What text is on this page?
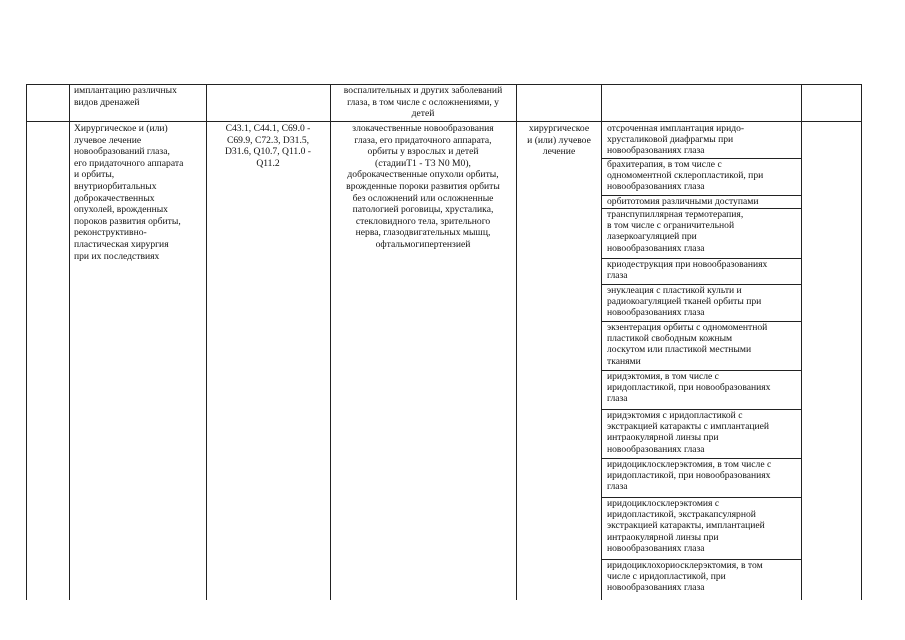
имплантацию различных
видов дренажей
воспалительных и других заболеваний
глаза, в том числе с осложнениями, у
детей
Хирургическое и (или)
лучевое лечение
новообразований глаза,
его придаточного аппарата
и орбиты,
внутриорбитальных
доброкачественных
опухолей, врожденных
пороков развития орбиты,
реконструктивно-
пластическая хирургия
при их последствиях
C43.1, C44.1, C69.0 -
C69.9, C72.3, D31.5,
D31.6, Q10.7, Q11.0 -
Q11.2
злокачественные новообразования
глаза, его придаточного аппарата,
орбиты у взрослых и детей
(стадииТ1 - Т3 N0 M0),
доброкачественные опухоли орбиты,
врожденные пороки развития орбиты
без осложнений или осложненные
патологией роговицы, хрусталика,
стекловидного тела, зрительного
нерва, глазодвигательных мышц,
офтальмогипертензией
хирургическое
и (или) лучевое
лечение
отсроченная имплантация иридо-
хрусталиковой диафрагмы при
новообразованиях глаза
брахитерапия, в том числе с
одномоментной склеропластикой, при
новообразованиях глаза
орбитотомия различными доступами
транспупиллярная термотерапия,
в том числе с ограничительной
лазеркоагуляцией при
новообразованиях глаза
криодеструкция при новообразованиях
глаза
энуклеация с пластикой культи и
радиокоагуляцией тканей орбиты при
новообразованиях глаза
экзентерация орбиты с одномоментной
пластикой свободным кожным
лоскутом или пластикой местными
тканями
иридэктомия, в том числе с
иридопластикой, при новообразованиях
глаза
иридэктомия с иридопластикой с
экстракцией катаракты с имплантацией
интраокулярной линзы при
новообразованиях глаза
иридоциклосклерэктомия, в том числе с
иридопластикой, при новообразованиях
глаза
иридоциклосклерэктомия с
иридопластикой, экстракапсулярной
экстракцией катаракты, имплантацией
интраокулярной линзы при
новообразованиях глаза
иридоциклохориосклерэктомия, в том
числе с иридопластикой, при
новообразованиях глаза
